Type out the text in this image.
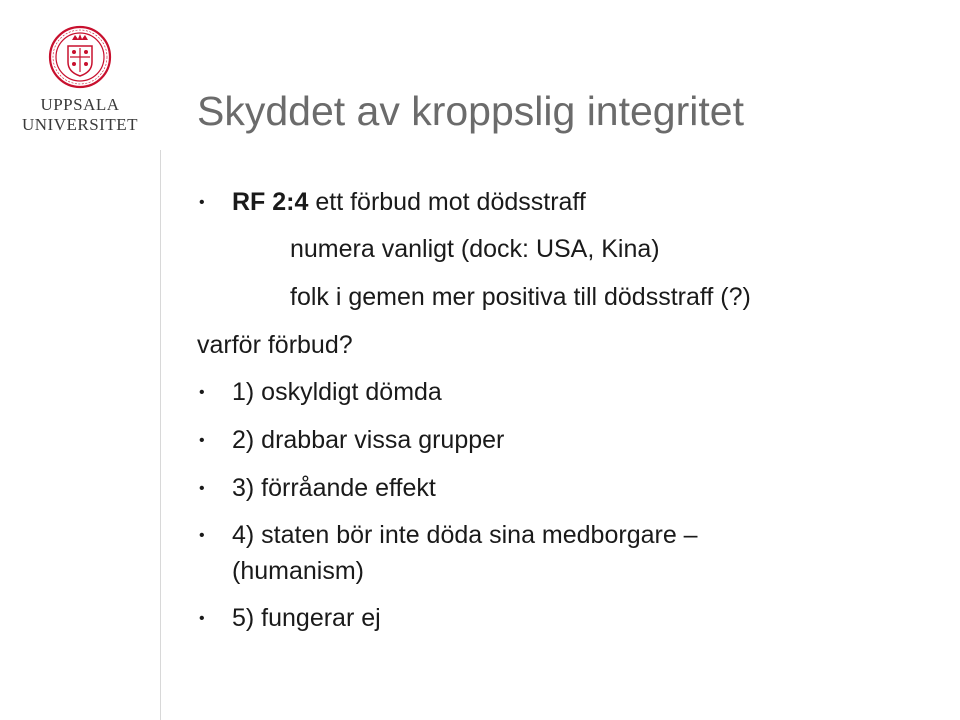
UPPSALA
UNIVERSITET	Skyddet av kroppslig integritet
• RF 2:4 ett förbud mot dödsstraff
numera vanligt (dock: USA, Kina)
folk i gemen mer positiva till dödsstraff (?)
varför förbud?
• 1) oskyldigt dömda
• 2) drabbar vissa grupper
• 3) förråande effekt
• 4) staten bör inte döda sina medborgare –
(humanism)
• 5) fungerar ej
